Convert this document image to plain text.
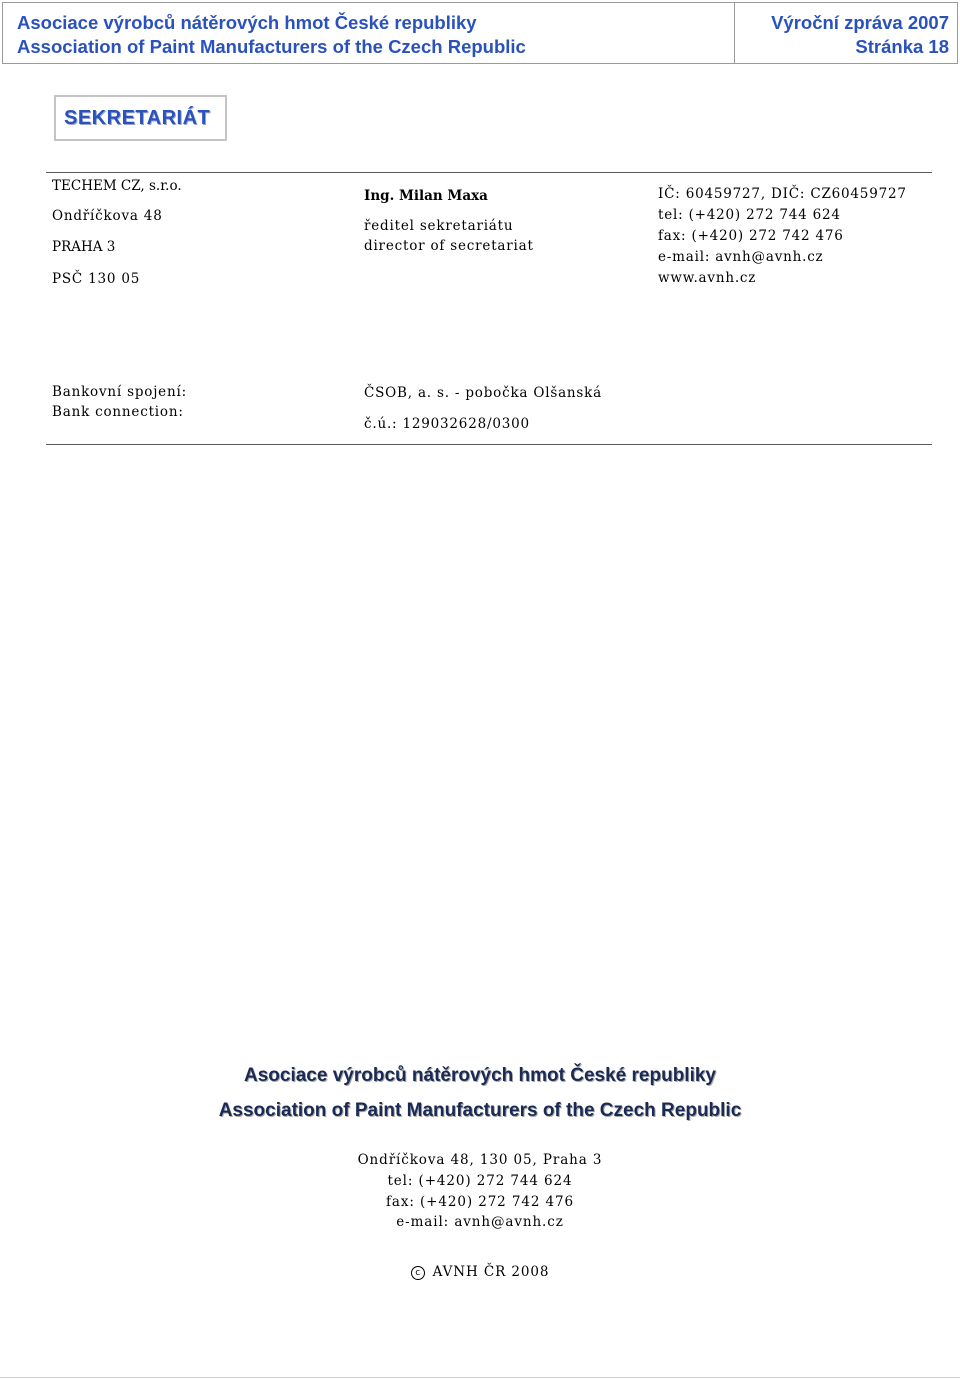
Asociace výrobců nátěrových hmot České republiky
Association of Paint Manufacturers of the Czech Republic
Výroční zpráva 2007
Stránka 18
SEKRETARIÁT
TECHEM CZ, s.r.o.
Ondříčkova 48
PRAHA 3
PSČ 130 05
Ing. Milan Maxa
ředitel sekretariátu
director of secretariat
IČ: 60459727, DIČ: CZ60459727
tel: (+420) 272 744 624
fax: (+420) 272 742 476
e-mail: avnh@avnh.cz
www.avnh.cz
Bankovní spojení:
Bank connection:
ČSOB, a. s. - pobočka Olšanská
č.ú.: 129032628/0300
Asociace výrobců nátěrových hmot České republiky
Association of Paint Manufacturers of the Czech Republic
Ondříčkova 48, 130 05, Praha 3
tel: (+420) 272 744 624
fax: (+420) 272 742 476
e-mail: avnh@avnh.cz
c AVNH ČR 2008
